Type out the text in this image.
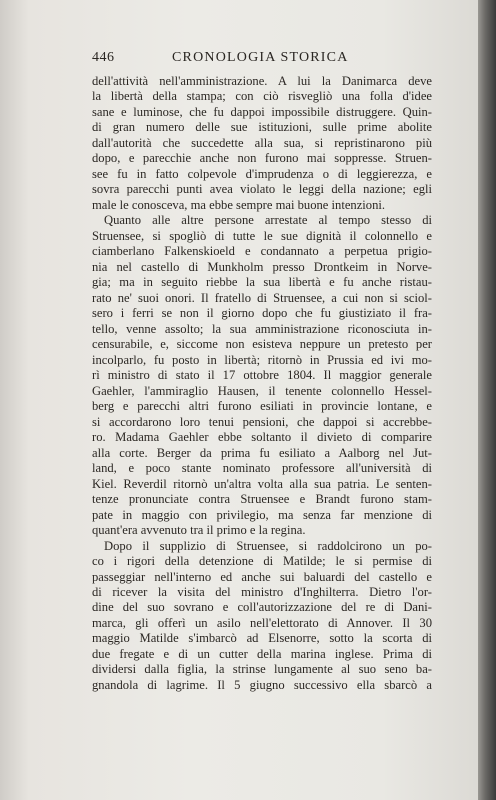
446	CRONOLOGIA STORICA
dell'attività nell'amministrazione. A lui la Danimarca deve
la libertà della stampa; con ciò risvegliò una folla d'idee
sane e luminose, che fu dappoi impossibile distruggere. Quin-
di gran numero delle sue istituzioni, sulle prime abolite
dall'autorità che succedette alla sua, si repristinarono più
dopo, e parecchie anche non furono mai soppresse. Struen-
see fu in fatto colpevole d'imprudenza o di leggierezza, e
sovra parecchi punti avea violato le leggi della nazione; egli
male le conosceva, ma ebbe sempre mai buone intenzioni.
Quanto alle altre persone arrestate al tempo stesso di
Struensee, si spogliò di tutte le sue dignità il colonnello e
ciamberlano Falkenskioeld e condannato a perpetua prigio-
nia nel castello di Munkholm presso Drontkeim in Norve-
gia; ma in seguito riebbe la sua libertà e fu anche ristau-
rato ne' suoi onori. Il fratello di Struensee, a cui non si sciol-
sero i ferri se non il giorno dopo che fu giustiziato il fra-
tello, venne assolto; la sua amministrazione riconosciuta in-
censurabile, e, siccome non esisteva neppure un pretesto per
incolparlo, fu posto in libertà; ritornò in Prussia ed ivi mo-
rì ministro di stato il 17 ottobre 1804. Il maggior generale
Gaehler, l'ammiraglio Hausen, il tenente colonnello Hessel-
berg e parecchi altri furono esiliati in provincie lontane, e
si accordarono loro tenui pensioni, che dappoi si accrebbe-
ro. Madama Gaehler ebbe soltanto il divieto di comparire
alla corte. Berger da prima fu esiliato a Aalborg nel Jut-
land, e poco stante nominato professore all'università di
Kiel. Reverdil ritornò un'altra volta alla sua patria. Le senten-
tenze pronunciate contra Struensee e Brandt furono stam-
pate in maggio con privilegio, ma senza far menzione di
quant'era avvenuto tra il primo e la regina.
Dopo il supplizio di Struensee, si raddolcirono un po-
co i rigori della detenzione di Matilde; le si permise di
passeggiar nell'interno ed anche sui baluardi del castello e
di ricever la visita del ministro d'Inghilterra. Dietro l'or-
dine del suo sovrano e coll'autorizzazione del re di Dani-
marca, gli offerì un asilo nell'elettorato di Annover. Il 30
maggio Matilde s'imbarcò ad Elsenorre, sotto la scorta di
due fregate e di un cutter della marina inglese. Prima di
dividersi dalla figlia, la strinse lungamente al suo seno ba-
gnandola di lagrime. Il 5 giugno successivo ella sbarcò a
